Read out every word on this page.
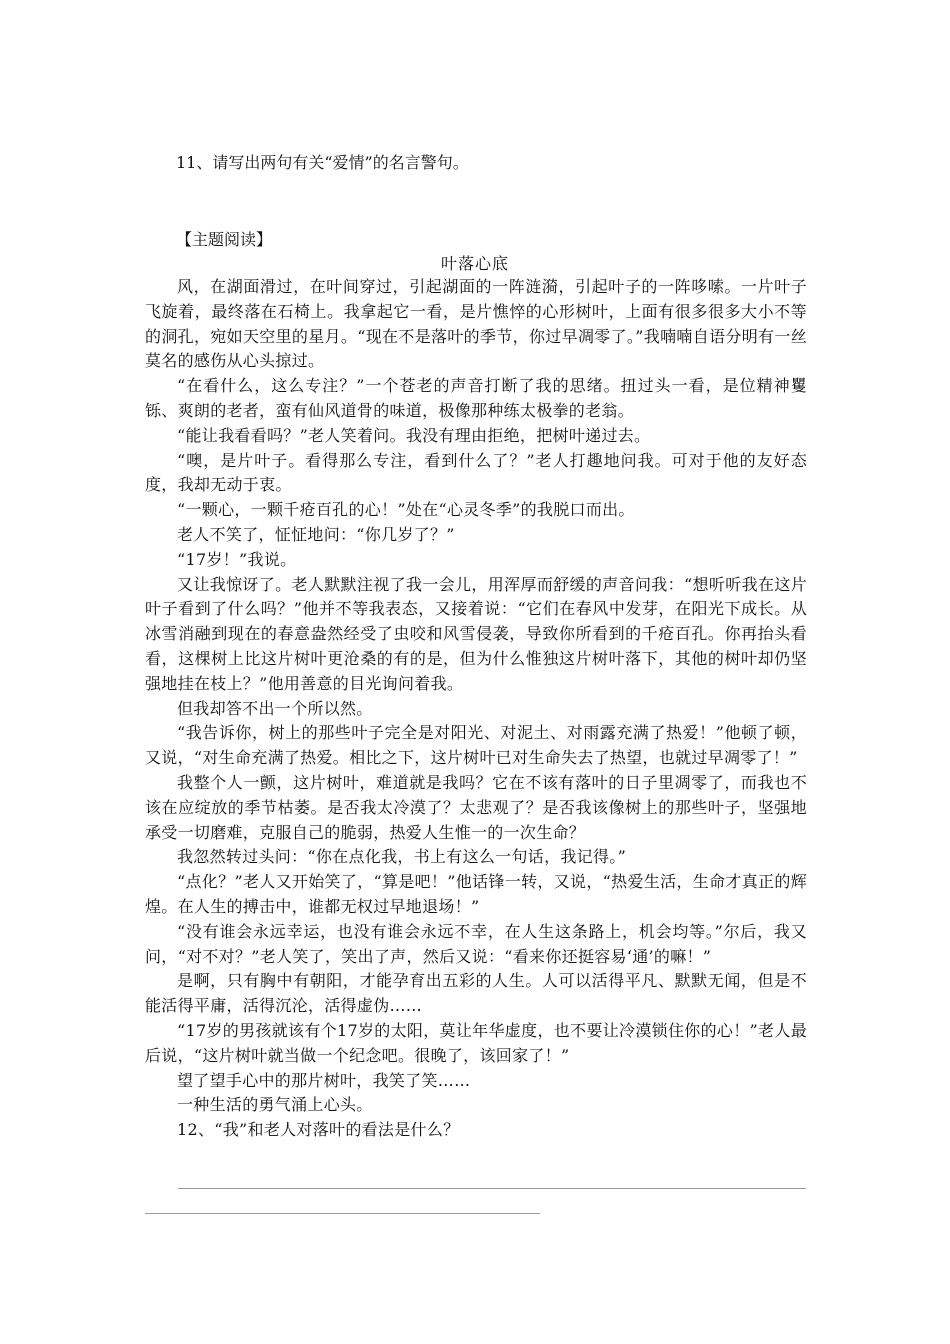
11、请写出两句有关“爱情”的名言警句。
【主题阅读】
叶落心底

风，在湖面滑过，在叶间穿过，引起湖面的一阵涟漪，引起叶子的一阵哆嗦。一片叶子飞旋着，最终落在石椅上。我拿起它一看，是片憔悴的心形树叶，上面有很多很多大小不等的洞孔，宛如天空里的星月。“现在不是落叶的季节，你过早凋零了。”我喃喃自语分明有一丝莫名的感伤从心头掠过。

“在看什么，这么专注？”一个苍老的声音打断了我的思绪。扭过头一看，是位精神矍铄、爽朗的老者，蛮有仙风道骨的味道，极像那种练太极拳的老翁。

“能让我看看吗？”老人笑着问。我没有理由拒绝，把树叶递过去。

“噢，是片叶子。看得那么专注，看到什么了？”老人打趣地问我。可对于他的友好态度，我却无动于衷。

“一颗心，一颗千疮百孔的心！”处在“心灵冬季”的我脱口而出。

老人不笑了，怔怔地问：“你几岁了？”

“17岁！”我说。

又让我惊讶了。老人默默注视了我一会儿，用浑厚而舒缓的声音问我：“想听听我在这片叶子看到了什么吗？”他并不等我表态，又接着说：“它们在春风中发芽，在阳光下成长。从冰雪消融到现在的春意盎然经受了虫咬和风雪侵袭，导致你所看到的千疮百孔。你再抬头看看，这棵树上比这片树叶更沧桑的有的是，但为什么惟独这片树叶落下，其他的树叶却仍坚强地挂在枝上？”他用善意的目光询问着我。

但我却答不出一个所以然。

“我告诉你，树上的那些叶子完全是对阳光、对泥土、对雨露充满了热爱！”他顿了顿，又说，“对生命充满了热爱。相比之下，这片树叶已对生命失去了热望，也就过早凋零了！”

我整个人一颤，这片树叶，难道就是我吗？它在不该有落叶的日子里凋零了，而我也不该在应绽放的季节枯萎。是否我太冷漠了？太悲观了？是否我该像树上的那些叶子，坚强地承受一切磨难，克服自己的脆弱，热爱人生惟一的一次生命？

我忽然转过头问：“你在点化我，书上有这么一句话，我记得。”

“点化？”老人又开始笑了，“算是吧！”他话锋一转，又说，“热爱生活，生命才真正的辉煌。在人生的搏击中，谁都无权过早地退场！”

“没有谁会永远幸运，也没有谁会永远不幸，在人生这条路上，机会均等。”尔后，我又问，“对不对？”老人笑了，笑出了声，然后又说：“看来你还挺容易‘通’的嘛！”

是啊，只有胸中有朝阳，才能孕育出五彩的人生。人可以活得平凡、默默无闻，但是不能活得平庸，活得沉沦，活得虚伪……

“17岁的男孩就该有个17岁的太阳，莫让年华虚度，也不要让冷漠锁住你的心！”老人最后说，“这片树叶就当做一个纪念吧。很晚了，该回家了！”

望了望手心中的那片树叶，我笑了笑……

一种生活的勇气涌上心头。

12、“我”和老人对落叶的看法是什么？
